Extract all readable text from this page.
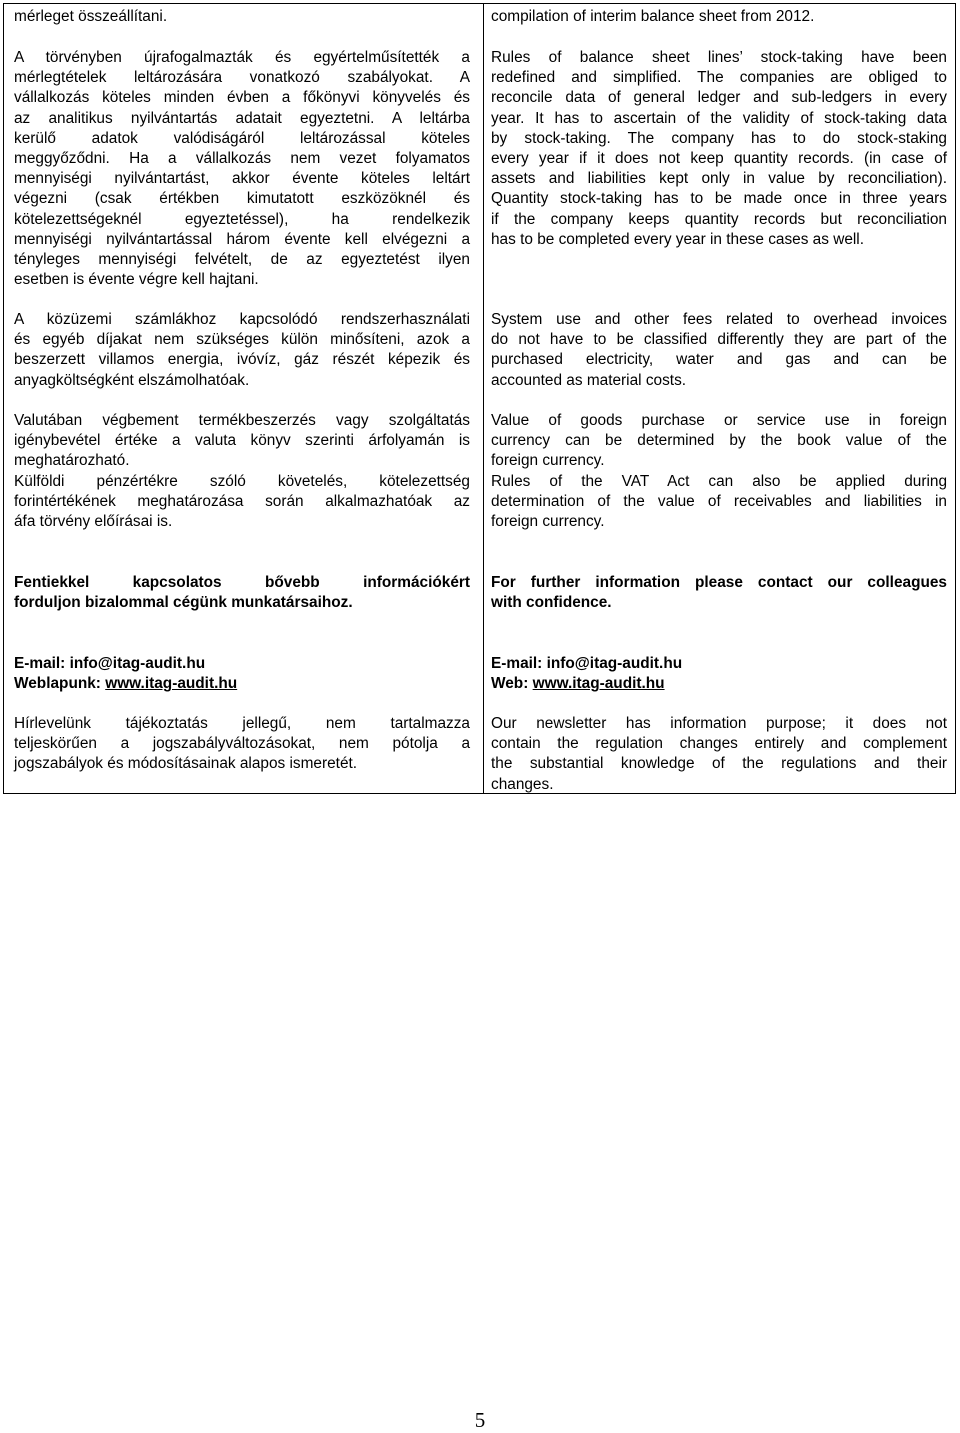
mérleget összeállítani.

A törvényben újrafogalmazták és egyértelműsítették a
mérlegtételek leltározására vonatkozó szabályokat. A
vállalkozás köteles minden évben a főkönyvi könyvelés és
az analitikus nyilvántartás adatait egyeztetni. A leltárba
kerülő adatok valódiságáról leltározással köteles
meggyőződni. Ha a vállalkozás nem vezet folyamatos
mennyiségi nyilvántartást, akkor évente köteles leltárt
végezni (csak értékben kimutatott eszközöknél és
kötelezettségeknél egyeztetéssel), ha rendelkezik
mennyiségi nyilvántartással három évente kell elvégezni a
tényleges mennyiségi felvételt, de az egyeztetést ilyen
esetben is évente végre kell hajtani.

A közüzemi számlákhoz kapcsolódó rendszerhasználati
és egyéb díjakat nem szükséges külön minősíteni, azok a
beszerzett villamos energia, ivóvíz, gáz részét képezik és
anyagköltségként elszámolhatóak.

Valutában végbement termékbeszerzés vagy szolgáltatás
igénybevétel értéke a valuta könyv szerinti árfolyamán is
meghatározható.

Külföldi pénzértékre szóló követelés, kötelezettség
forintértékének meghatározása során alkalmazhatóak az
áfa törvény előírásai is.

Fentiekkel kapcsolatos bővebb információkért
forduljon bizalommal cégünk munkatársaihoz.

E-mail: info@itag-audit.hu
Weblapunk: www.itag-audit.hu

Hírlevelünk tájékoztatás jellegű, nem tartalmazza
teljeskörűen a jogszabályváltozásokat, nem pótolja a
jogszabályok és módosításainak alapos ismeretét.

compilation of interim balance sheet from 2012.

Rules of balance sheet lines’ stock-taking have been
redefined and simplified. The companies are obliged to
reconcile data of general ledger and sub-ledgers in every
year. It has to ascertain of the validity of stock-taking data
by stock-taking. The company has to do stock-staking
every year if it does not keep quantity records. (in case of
assets and liabilities kept only in value by reconciliation).
Quantity stock-taking has to be made once in three years
if the company keeps quantity records but reconciliation
has to be completed every year in these cases as well.

System use and other fees related to overhead invoices
do not have to be classified differently they are part of the
purchased electricity, water and gas and can be
accounted as material costs.

Value of goods purchase or service use in foreign
currency can be determined by the book value of the
foreign currency.

Rules of the VAT Act can also be applied during
determination of the value of receivables and liabilities in
foreign currency.

For further information please contact our colleagues
with confidence.

E-mail: info@itag-audit.hu
Web: www.itag-audit.hu

Our newsletter has information purpose; it does not
contain the regulation changes entirely and complement
the substantial knowledge of the regulations and their
changes.

5
